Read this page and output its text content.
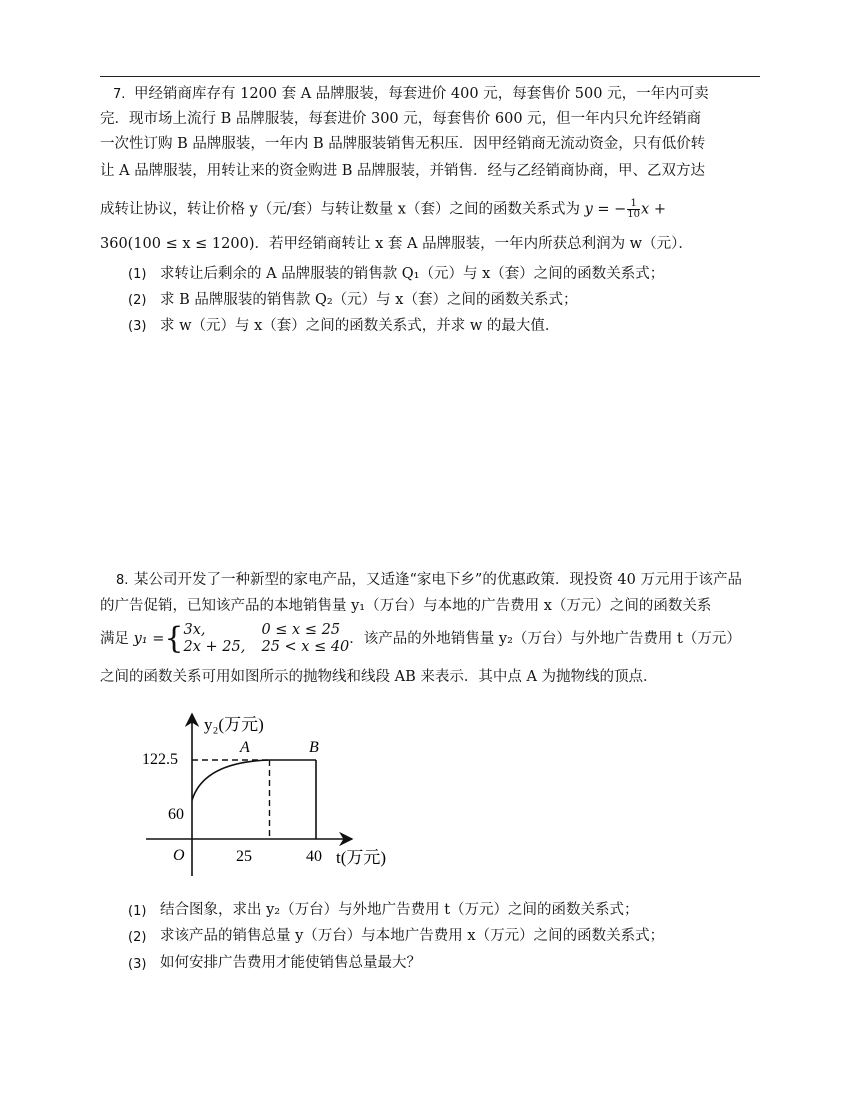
7. 甲经销商库存有 1200 套 A 品牌服装，每套进价 400 元，每套售价 500 元，一年内可卖
完．现市场上流行 B 品牌服装，每套进价 300 元，每套售价 600 元，但一年内只允许经销商
一次性订购 B 品牌服装，一年内 B 品牌服装销售无积压．因甲经销商无流动资金，只有低价转
让 A 品牌服装，用转让来的资金购进 B 品牌服装，并销售．经与乙经销商协商，甲、乙双方达
成转让协议，转让价格 y（元/套）与转让数量 x（套）之间的函数关系式为 y = − $\frac{1}{10}$ x +
360(100 ≤ x ≤ 1200)．若甲经销商转让 x 套 A 品牌服装，一年内所获总利润为 w（元）．
(1) 求转让后剩余的 A 品牌服装的销售款 Q₁（元）与 x（套）之间的函数关系式；
(2) 求 B 品牌服装的销售款 Q₂（元）与 x（套）之间的函数关系式；
(3) 求 w（元）与 x（套）之间的函数关系式，并求 w 的最大值．
8. 某公司开发了一种新型的家电产品，又适逢“家电下乡”的优惠政策．现投资 40 万元用于该产品
的广告促销，已知该产品的本地销售量 y₁（万台）与本地的广告费用 x（万元）之间的函数关系
满足 y₁ ={ 3x,	0 ≤ x ≤ 25
2x + 25, 25 < x ≤ 40 ．该产品的外地销售量 y₂（万台）与外地广告费用 t（万元）
之间的函数关系可用如图所示的抛物线和线段 AB 来表示．其中点 A 为抛物线的顶点．
y₂(万元)
t(万元)
O
A	B
122.5
60
25	40
(1) 结合图象，求出 y₂（万台）与外地广告费用 t（万元）之间的函数关系式；
(2) 求该产品的销售总量 y（万台）与本地广告费用 x（万元）之间的函数关系式；
(3) 如何安排广告费用才能使销售总量最大？
